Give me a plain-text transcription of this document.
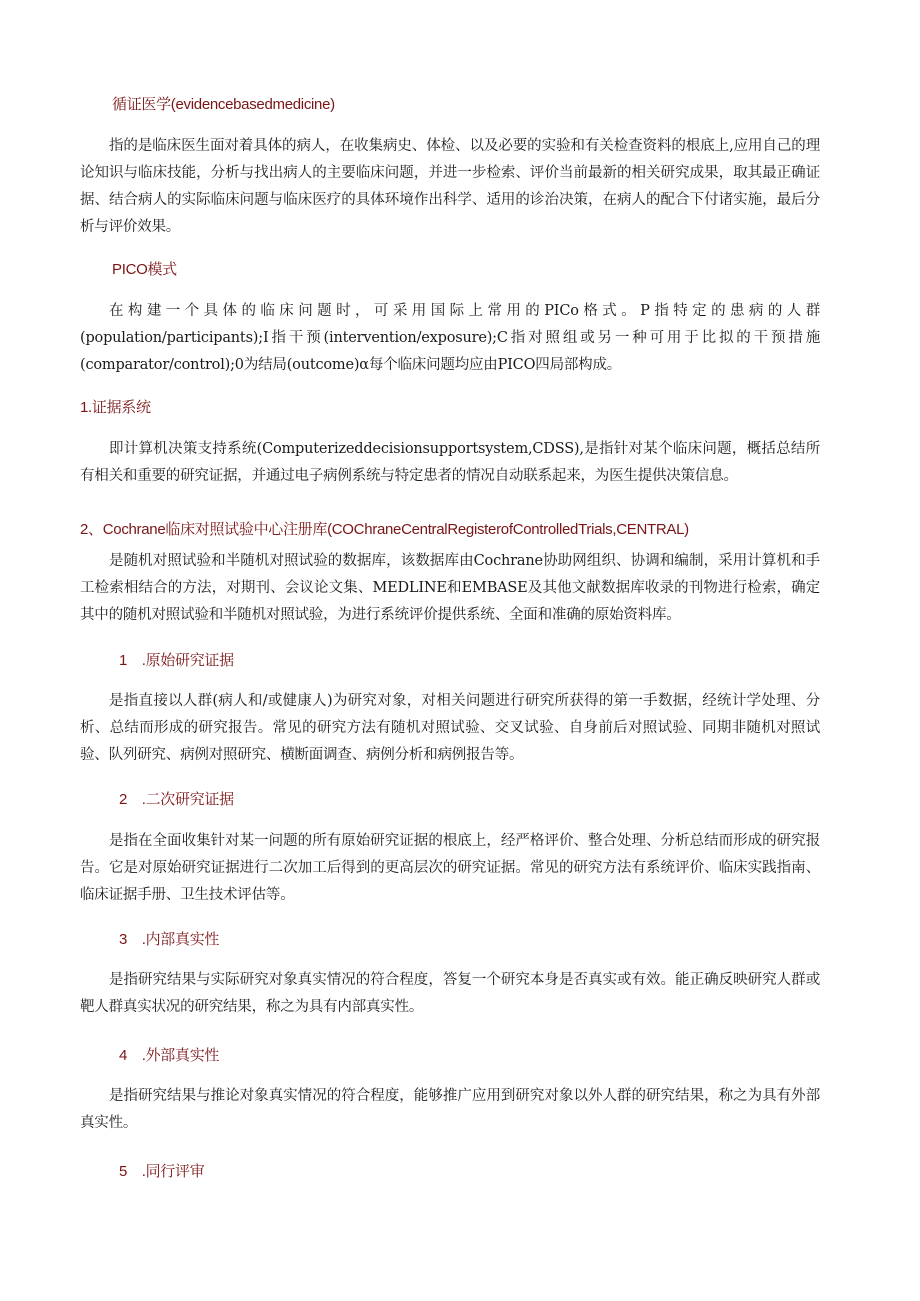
循证医学(evidencebasedmedicine)

指的是临床医生面对着具体的病人，在收集病史、体检、以及必要的实验和有关检查资料的根底上,应用自己的理论知识与临床技能，分析与找出病人的主要临床问题，并进一步检索、评价当前最新的相关研究成果，取其最正确证据、结合病人的实际临床问题与临床医疗的具体环境作出科学、适用的诊治决策，在病人的配合下付诸实施，最后分析与评价效果。

PICO模式

在构建一个具体的临床问题时，可采用国际上常用的PICo格式。P指特定的患病的人群(population/participants);I指干预(intervention/exposure);C指对照组或另一种可用于比拟的干预措施(comparator/control);0为结局(outcome)α每个临床问题均应由PICO四局部构成。

1.证据系统

即计算机决策支持系统(Computerizeddecisionsupportsystem,CDSS),是指针对某个临床问题，概括总结所有相关和重要的研究证据，并通过电子病例系统与特定患者的情况自动联系起来，为医生提供决策信息。

2、Cochrane临床对照试验中心注册库(COChraneCentralRegisterofControlledTrials,CENTRAL)

是随机对照试验和半随机对照试验的数据库，该数据库由Cochrane协助网组织、协调和编制，采用计算机和手工检索相结合的方法，对期刊、会议论文集、MEDLINE和EMBASE及其他文献数据库收录的刊物进行检索，确定其中的随机对照试验和半随机对照试验，为进行系统评价提供系统、全面和准确的原始资料库。

1　.原始研究证据

是指直接以人群(病人和/或健康人)为研究对象，对相关问题进行研究所获得的第一手数据，经统计学处理、分析、总结而形成的研究报告。常见的研究方法有随机对照试验、交叉试验、自身前后对照试验、同期非随机对照试验、队列研究、病例对照研究、横断面调查、病例分析和病例报告等。

2　.二次研究证据

是指在全面收集针对某一问题的所有原始研究证据的根底上，经严格评价、整合处理、分析总结而形成的研究报告。它是对原始研究证据进行二次加工后得到的更高层次的研究证据。常见的研究方法有系统评价、临床实践指南、临床证据手册、卫生技术评估等。

3　.内部真实性

是指研究结果与实际研究对象真实情况的符合程度，答复一个研究本身是否真实或有效。能正确反映研究人群或靶人群真实状况的研究结果，称之为具有内部真实性。

4　.外部真实性

是指研究结果与推论对象真实情况的符合程度，能够推广应用到研究对象以外人群的研究结果，称之为具有外部真实性。

5　.同行评审
